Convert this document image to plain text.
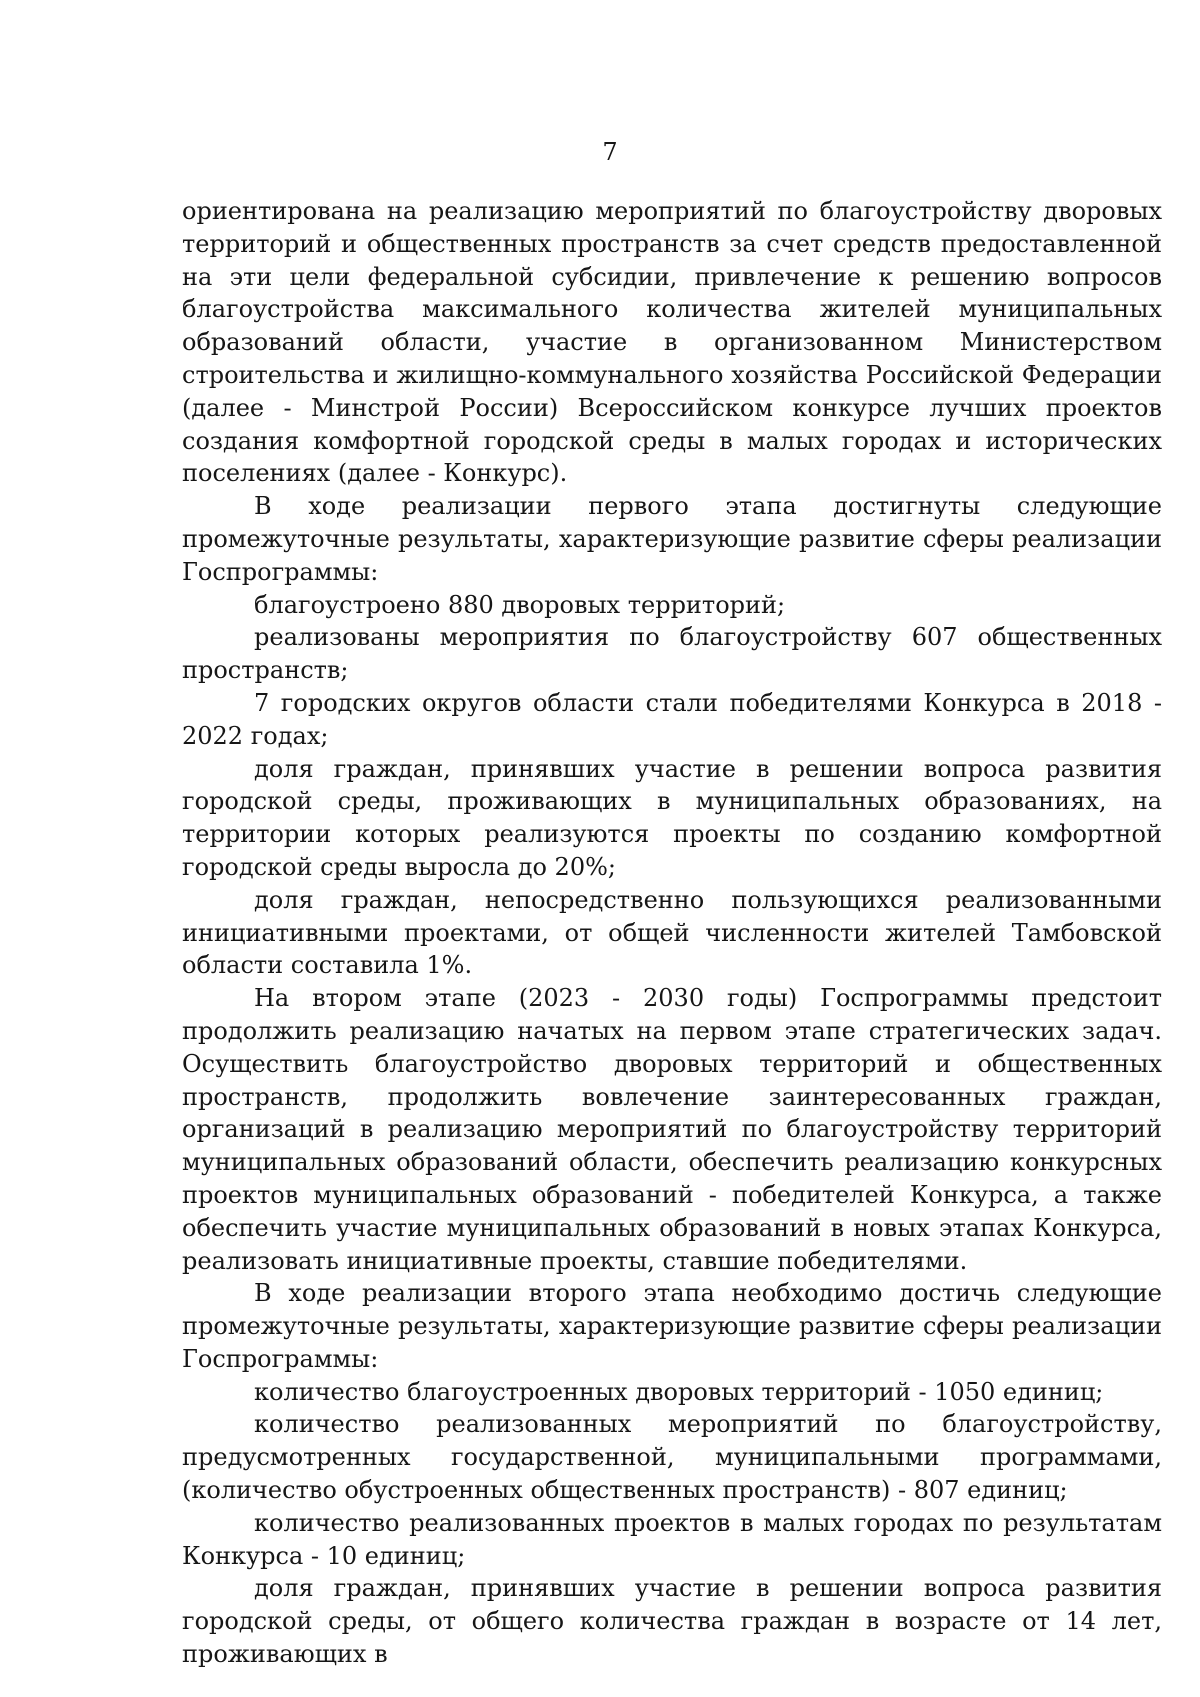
7

ориентирована на реализацию мероприятий по благоустройству дворовых территорий и общественных пространств за счет средств предоставленной на эти цели федеральной субсидии, привлечение к решению вопросов благоустройства максимального количества жителей муниципальных образований области, участие в организованном Министерством строительства и жилищно-коммунального хозяйства Российской Федерации (далее - Минстрой России) Всероссийском конкурсе лучших проектов создания комфортной городской среды в малых городах и исторических поселениях (далее - Конкурс).

В ходе реализации первого этапа достигнуты следующие промежуточные результаты, характеризующие развитие сферы реализации Госпрограммы:

благоустроено 880 дворовых территорий;

реализованы мероприятия по благоустройству 607 общественных пространств;

7 городских округов области стали победителями Конкурса в 2018 - 2022 годах;

доля граждан, принявших участие в решении вопроса развития городской среды, проживающих в муниципальных образованиях, на территории которых реализуются проекты по созданию комфортной городской среды выросла до 20%;

доля граждан, непосредственно пользующихся реализованными инициативными проектами, от общей численности жителей Тамбовской области составила 1%.

На втором этапе (2023 - 2030 годы) Госпрограммы предстоит продолжить реализацию начатых на первом этапе стратегических задач. Осуществить благоустройство дворовых территорий и общественных пространств, продолжить вовлечение заинтересованных граждан, организаций в реализацию мероприятий по благоустройству территорий муниципальных образований области, обеспечить реализацию конкурсных проектов муниципальных образований - победителей Конкурса, а также обеспечить участие муниципальных образований в новых этапах Конкурса, реализовать инициативные проекты, ставшие победителями.

В ходе реализации второго этапа необходимо достичь следующие промежуточные результаты, характеризующие развитие сферы реализации Госпрограммы:

количество благоустроенных дворовых территорий - 1050 единиц;

количество реализованных мероприятий по благоустройству, предусмотренных государственной, муниципальными программами, (количество обустроенных общественных пространств) - 807 единиц;

количество реализованных проектов в малых городах по результатам Конкурса - 10 единиц;

доля граждан, принявших участие в решении вопроса развития городской среды, от общего количества граждан в возрасте от 14 лет, проживающих в
